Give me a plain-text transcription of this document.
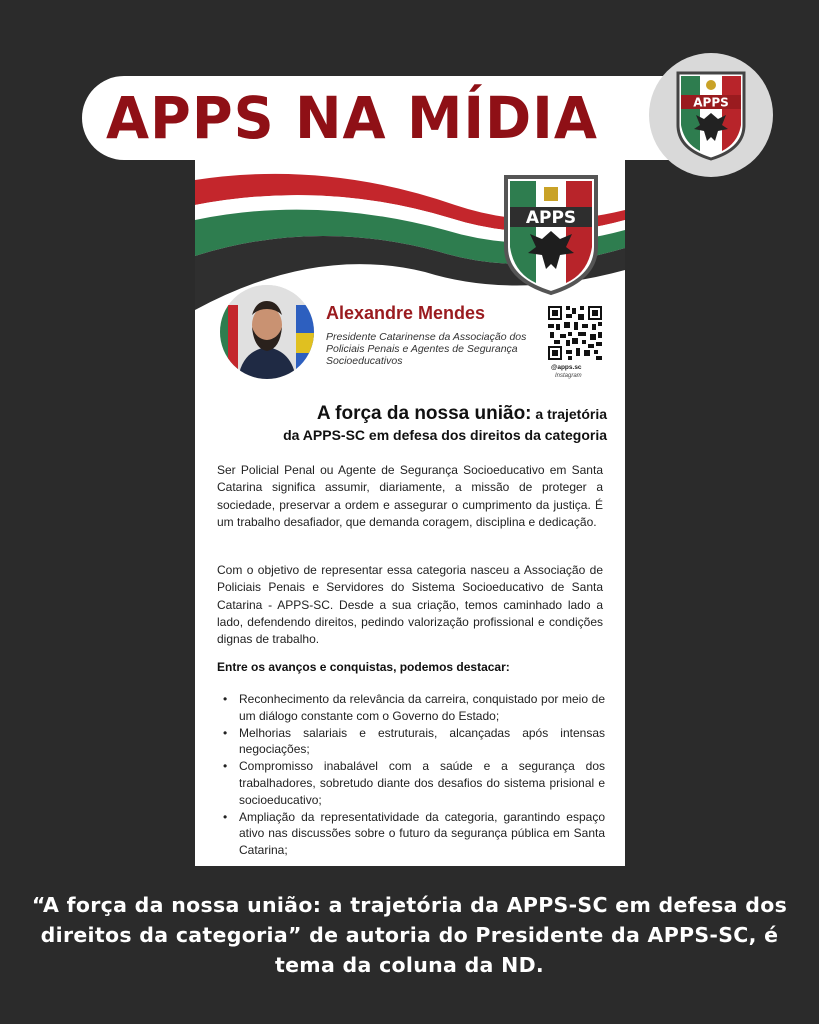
APPS NA MÍDIA	APPS
APPS
Alexandre Mendes
Presidente Catarinense da Associação dos Policiais Penais e Agentes de Segurança Socioeducativos
@apps.sc
Instagram
A força da nossa união: a trajetória
da APPS-SC em defesa dos direitos da categoria

Ser Policial Penal ou Agente de Segurança Socioeducativo em Santa Catarina significa assumir, diariamente, a missão de proteger a sociedade, preservar a ordem e assegurar o cumprimento da justiça. É um trabalho desafiador, que demanda coragem, disciplina e dedicação.

Com o objetivo de representar essa categoria nasceu a Associação de Policiais Penais e Servidores do Sistema Socioeducativo de Santa Catarina - APPS-SC. Desde a sua criação, temos caminhado lado a lado, defendendo direitos, pedindo valorização profissional e condições dignas de trabalho.

Entre os avanços e conquistas, podemos destacar:
• Reconhecimento da relevância da carreira, conquistado por meio de um diálogo constante com o Governo do Estado;
• Melhorias salariais e estruturais, alcançadas após intensas negociações;
• Compromisso inabalável com a saúde e a segurança dos trabalhadores, sobretudo diante dos desafios do sistema prisional e socioeducativo;
• Ampliação da representatividade da categoria, garantindo espaço ativo nas discussões sobre o futuro da segurança pública em Santa Catarina;
“A força da nossa união: a trajetória da APPS-SC em defesa dos direitos da categoria” de autoria do Presidente da APPS-SC, é tema da coluna da ND.
